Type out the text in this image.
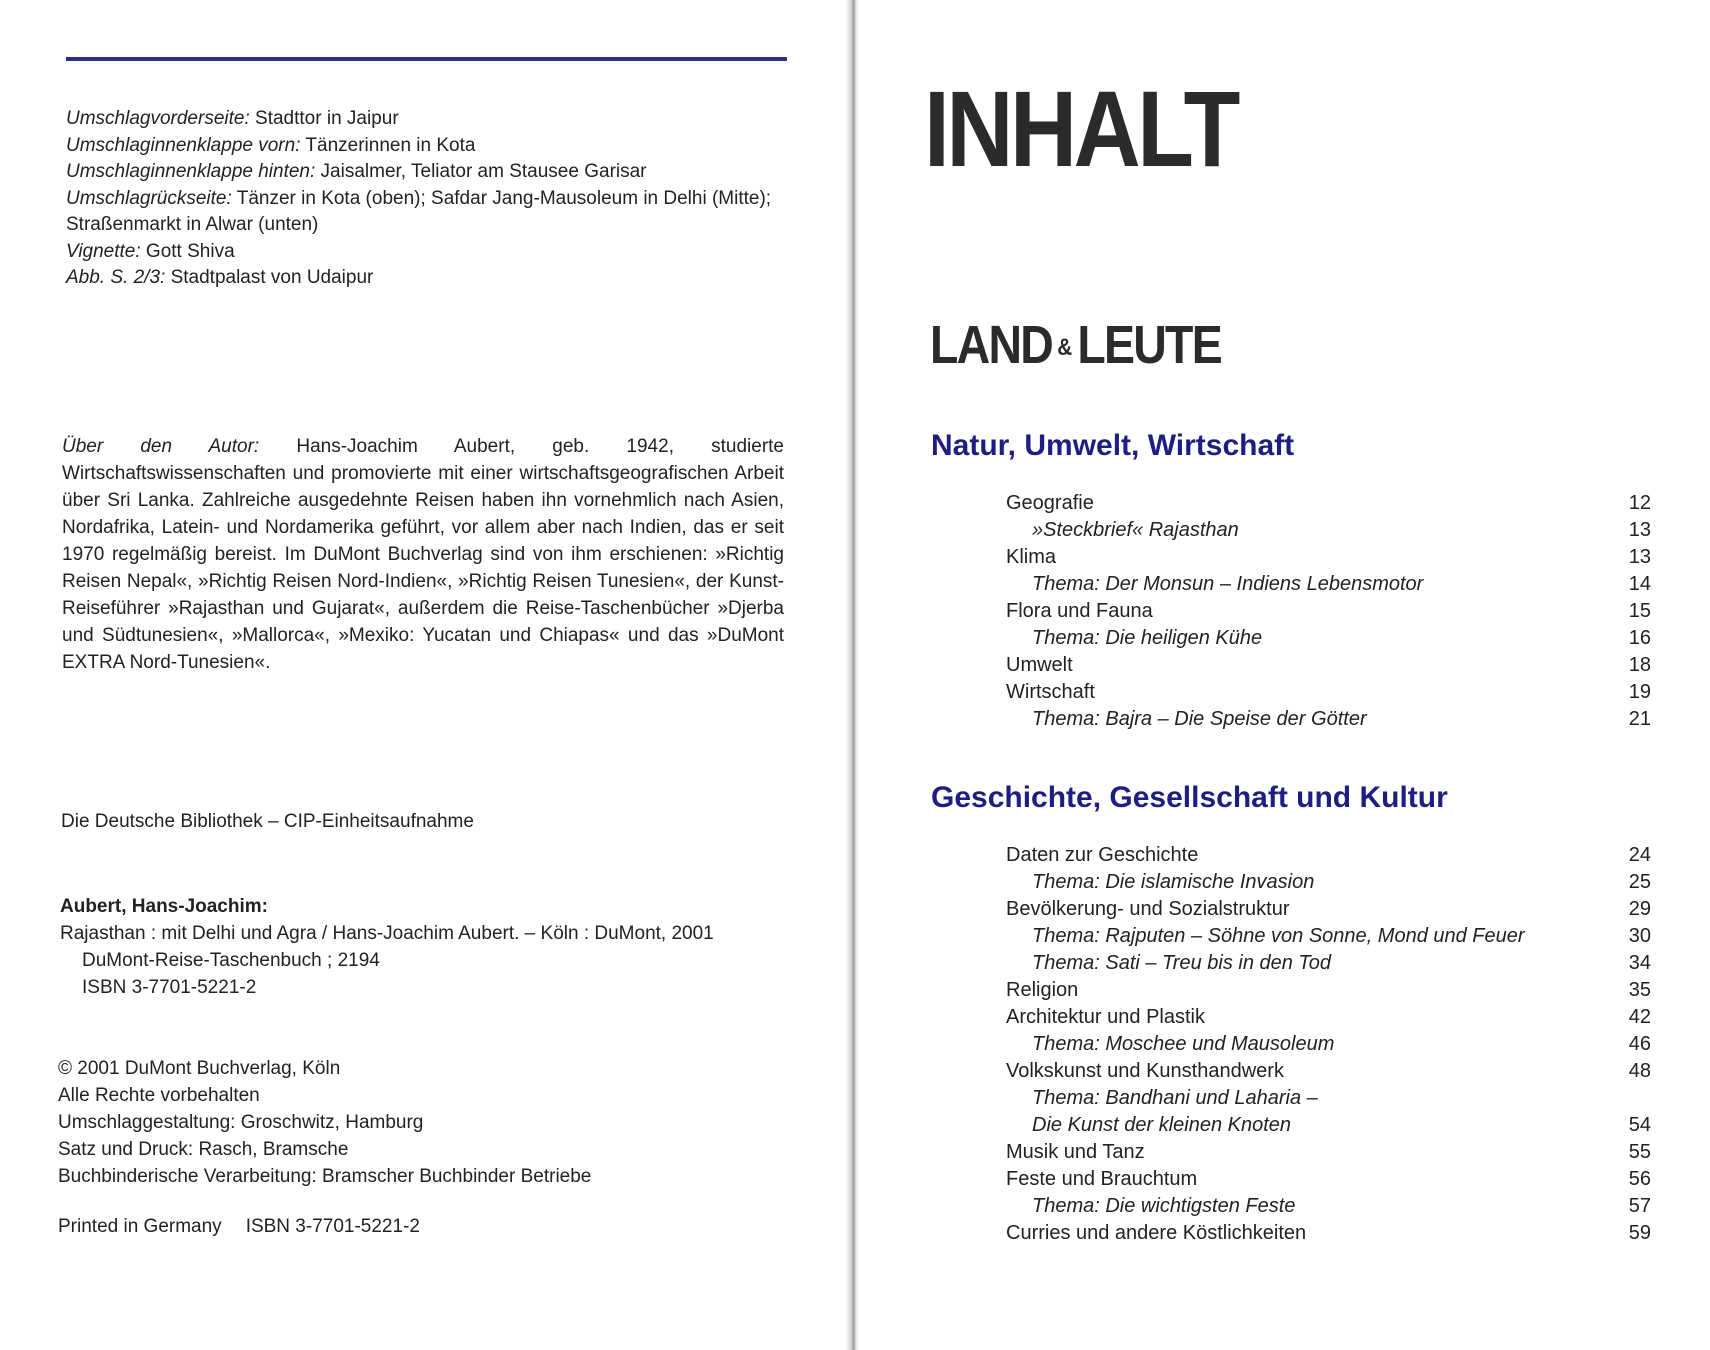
Umschlagvorderseite: Stadttor in Jaipur

Umschlaginnenklappe vorn: Tänzerinnen in Kota

Umschlaginnenklappe hinten: Jaisalmer, Teliator am Stausee Garisar

Umschlagrückseite: Tänzer in Kota (oben); Safdar Jang-Mausoleum in Delhi (Mitte); Straßenmarkt in Alwar (unten)

Vignette: Gott Shiva

Abb. S. 2/3: Stadtpalast von Udaipur

Über den Autor: Hans-Joachim Aubert, geb. 1942, studierte Wirtschaftswissenschaften und promovierte mit einer wirtschaftsgeografischen Arbeit über Sri Lanka. Zahlreiche ausgedehnte Reisen haben ihn vornehmlich nach Asien, Nordafrika, Latein- und Nordamerika geführt, vor allem aber nach Indien, das er seit 1970 regelmäßig bereist. Im DuMont Buchverlag sind von ihm erschienen: »Richtig Reisen Nepal«, »Richtig Reisen Nord-Indien«, »Richtig Reisen Tunesien«, der Kunst-Reiseführer »Rajasthan und Gujarat«, außerdem die Reise-Taschenbücher »Djerba und Südtunesien«, »Mallorca«, »Mexiko: Yucatan und Chiapas« und das »DuMont EXTRA Nord-Tunesien«.

Die Deutsche Bibliothek – CIP-Einheitsaufnahme

Aubert, Hans-Joachim:

Rajasthan : mit Delhi und Agra / Hans-Joachim Aubert. – Köln : DuMont, 2001

DuMont-Reise-Taschenbuch ; 2194

ISBN 3-7701-5221-2

© 2001 DuMont Buchverlag, Köln

Alle Rechte vorbehalten

Umschlaggestaltung: Groschwitz, Hamburg

Satz und Druck: Rasch, Bramsche

Buchbinderische Verarbeitung: Bramscher Buchbinder Betriebe

Printed in Germany ISBN 3-7701-5221-2
INHALT
LAND &LEUTE
Natur, Umwelt, Wirtschaft
Geografie	12
»Steckbrief« Rajasthan	13
Klima	13
Thema: Der Monsun – Indiens Lebensmotor	14
Flora und Fauna	15
Thema: Die heiligen Kühe	16
Umwelt	18
Wirtschaft	19
Thema: Bajra – Die Speise der Götter	21
Geschichte, Gesellschaft und Kultur
Daten zur Geschichte	24
Thema: Die islamische Invasion	25
Bevölkerung- und Sozialstruktur	29
Thema: Rajputen – Söhne von Sonne, Mond und Feuer	30
Thema: Sati – Treu bis in den Tod	34
Religion	35
Architektur und Plastik	42
Thema: Moschee und Mausoleum	46
Volkskunst und Kunsthandwerk	48
Thema: Bandhani und Laharia –
Die Kunst der kleinen Knoten	54
Musik und Tanz	55
Feste und Brauchtum	56
Thema: Die wichtigsten Feste	57
Curries und andere Köstlichkeiten	59
